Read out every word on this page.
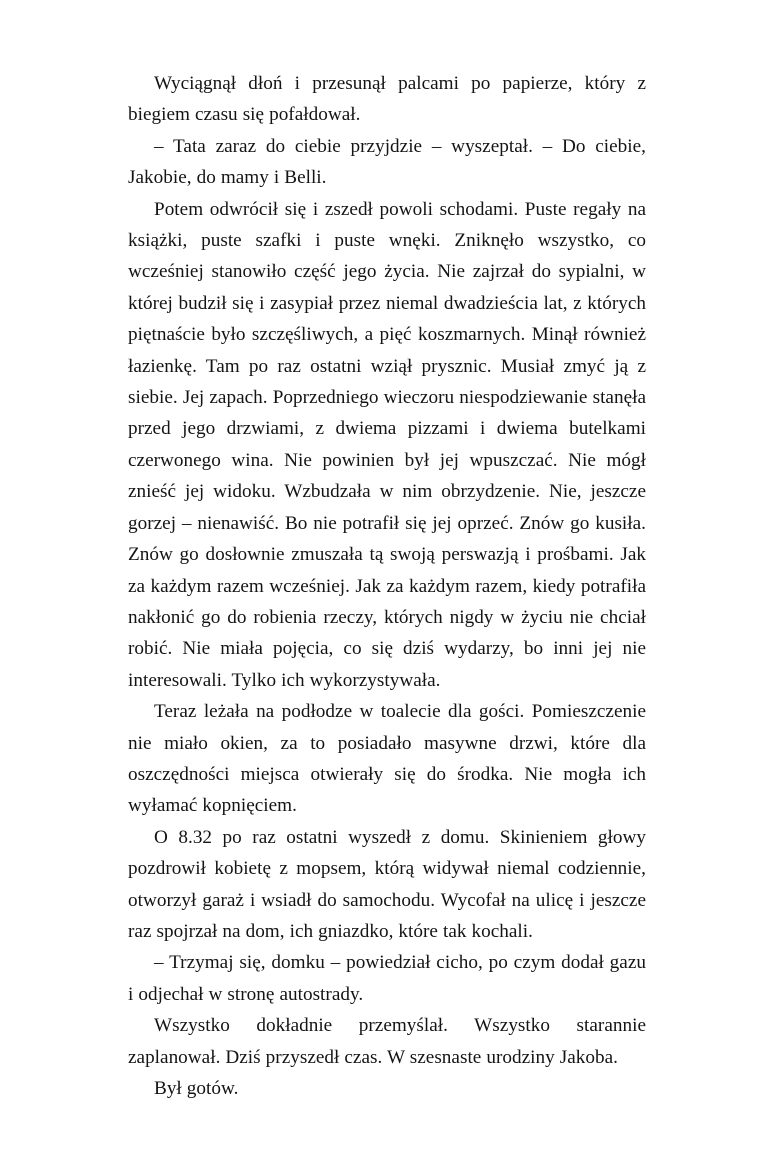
Wyciągnął dłoń i przesunął palcami po papierze, który z biegiem czasu się pofałdował.

– Tata zaraz do ciebie przyjdzie – wyszeptał. – Do ciebie, Jakobie, do mamy i Belli.

Potem odwrócił się i zszedł powoli schodami. Puste regały na książki, puste szafki i puste wnęki. Zniknęło wszystko, co wcześniej stanowiło część jego życia. Nie zajrzał do sypialni, w której budził się i zasypiał przez niemal dwadzieścia lat, z których piętnaście było szczęśliwych, a pięć koszmarnych. Minął również łazienkę. Tam po raz ostatni wziął prysznic. Musiał zmyć ją z siebie. Jej zapach. Poprzedniego wieczoru niespodziewanie stanęła przed jego drzwiami, z dwiema pizzami i dwiema butelkami czerwonego wina. Nie powinien był jej wpuszczać. Nie mógł znieść jej widoku. Wzbudzała w nim obrzydzenie. Nie, jeszcze gorzej – nienawiść. Bo nie potrafił się jej oprzeć. Znów go kusiła. Znów go dosłownie zmuszała tą swoją perswazją i prośbami. Jak za każdym razem wcześniej. Jak za każdym razem, kiedy potrafiła nakłonić go do robienia rzeczy, których nigdy w życiu nie chciał robić. Nie miała pojęcia, co się dziś wydarzy, bo inni jej nie interesowali. Tylko ich wykorzystywała.

Teraz leżała na podłodze w toalecie dla gości. Pomieszczenie nie miało okien, za to posiadało masywne drzwi, które dla oszczędności miejsca otwierały się do środka. Nie mogła ich wyłamać kopnięciem.

O 8.32 po raz ostatni wyszedł z domu. Skinieniem głowy pozdrowił kobietę z mopsem, którą widywał niemal codziennie, otworzył garaż i wsiadł do samochodu. Wycofał na ulicę i jeszcze raz spojrzał na dom, ich gniazdko, które tak kochali.

– Trzymaj się, domku – powiedział cicho, po czym dodał gazu i odjechał w stronę autostrady.

Wszystko dokładnie przemyślał. Wszystko starannie zaplanował. Dziś przyszedł czas. W szesnaste urodziny Jakoba.

Był gotów.
